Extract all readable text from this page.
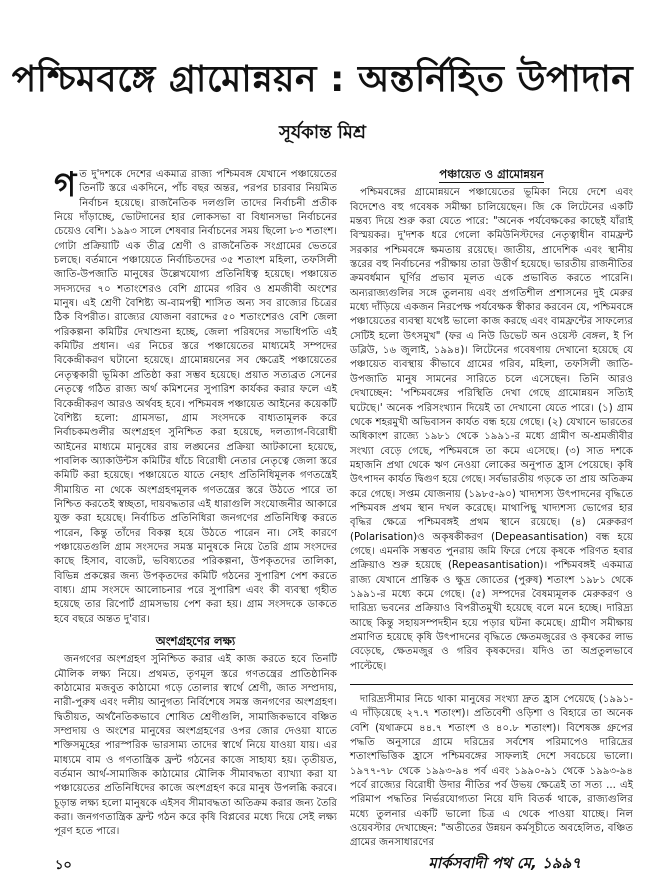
পশ্চিমবঙ্গে গ্রামোন্নয়ন : অন্তর্নিহিত উপাদান
সূর্যকান্ত মিশ্র

গত দু'দশকে দেশের একমাত্র রাজ্য পশ্চিমবঙ্গ যেখানে পঞ্চায়েতের তিনটি স্তরে একদিনে, পাঁচ বছর অন্তর, পরপর চারবার নিয়মিত নির্বাচন হয়েছে। রাজনৈতিক দলগুলি তাদের নির্বাচনী প্রতীক নিয়ে দাঁড়াচ্ছে, ভোটদানের হার লোকসভা বা বিধানসভা নির্বাচনের চেয়েও বেশি। ১৯৯৩ সালে শেষবার নির্বাচনের সময় ছিলো ৮৩ শতাংশ। গোটা প্রক্রিয়াটি এক তীব্র শ্রেণী ও রাজনৈতিক সংগ্রামের ভেতরে চলছে। বর্তমানে পঞ্চায়েতে নির্বাচিতদের ৩৫ শতাংশ মহিলা, তফসিলী জাতি-উপজাতি মানুষের উল্লেখযোগ্য প্রতিনিধিত্ব হয়েছে। পঞ্চায়েত সদস্যদের ৭০ শতাংশেরও বেশি গ্রামের গরিব ও শ্রমজীবী অংশের মানুষ। এই শ্রেণী বৈশিষ্ট্য অ-বামপন্থী শাসিত অন্য সব রাজ্যের চিত্রের ঠিক বিপরীত। রাজ্যের যোজনা বরাদ্দের ৫০ শতাংশেরও বেশি জেলা পরিকল্পনা কমিটির দেখাশুনা হচ্ছে, জেলা পরিষদের সভাধিপতি এই কমিটির প্রধান। এর নিচের স্তরে পঞ্চায়েতের মাধ্যমেই সম্পদের বিকেন্দ্রীকরণ ঘটানো হয়েছে। গ্রামোন্নয়নের সব ক্ষেত্রেই পঞ্চায়েতের নেতৃত্বকারী ভূমিকা প্রতিষ্ঠা করা সম্ভব হয়েছে। প্রয়াত সত্যব্রত সেনের নেতৃত্বে গঠিত রাজ্য অর্থ কমিশনের সুপারিশ কার্যকর করার ফলে এই বিকেন্দ্রীকরণ আরও অর্থবহ হবে। পশ্চিমবঙ্গ পঞ্চায়েত আইনের কয়েকটি বৈশিষ্ট্য হলো: গ্রামসভা, গ্রাম সংসদকে বাধ্যতামূলক করে নির্বাচকমণ্ডলীর অংশগ্রহণ সুনিশ্চিত করা হয়েছে, দলত্যাগ-বিরোধী আইনের মাধ্যমে মানুষের রায় লঙ্ঘনের প্রক্রিয়া আটকানো হয়েছে, পাবলিক অ্যাকাউন্টস কমিটির ধাঁচে বিরোধী নেতার নেতৃত্বে জেলা স্তরে কমিটি করা হয়েছে। পঞ্চায়েতে যাতে নেহাৎ প্রতিনিধিমূলক গণতন্ত্রেই সীমায়িত না থেকে অংশগ্রহণমূলক গণতন্ত্রের স্তরে উঠতে পারে তা নিশ্চিত করতেই স্বচ্ছতা, দায়বদ্ধতার এই ধারাগুলি সংযোজনীর আকারে যুক্ত করা হয়েছে। নির্বাচিত প্রতিনিধিরা জনগণের প্রতিনিধিত্ব করতে পারেন, কিন্তু তাঁদের বিকল্প হয়ে উঠতে পারেন না। সেই কারণে পঞ্চায়েতগুলি গ্রাম সংসদের সমস্ত মানুষকে নিয়ে তৈরি গ্রাম সংসদের কাছে হিসাব, বাজেট, ভবিষ্যতের পরিকল্পনা, উপকৃতদের তালিকা, বিভিন্ন প্রকল্পের জন্য উপকৃতদের কমিটি গঠনের সুপারিশ পেশ করতে বাধ্য। গ্রাম সংসদে আলোচনার পরে সুপারিশ এবং কী ব্যবস্থা গৃহীত হয়েছে তার রিপোর্ট গ্রামসভায় পেশ করা হয়। গ্রাম সংসদকে ডাকতে হবে বছরে অন্তত দু'বার।

অংশগ্রহণের লক্ষ্য

জনগণের অংশগ্রহণ সুনিশ্চিত করার এই কাজ করতে হবে তিনটি মৌলিক লক্ষ্য নিয়ে। প্রথমত, তৃণমূল স্তরে গণতন্ত্রের প্রাতিষ্ঠানিক কাঠামোর মজবুত কাঠামো গড়ে তোলার স্বার্থে শ্রেণী, জাত সম্প্রদায়, নারী-পুরুষ এবং দলীয় আনুগত্য নির্বিশেষে সমস্ত জনগণের অংশগ্রহণ। দ্বিতীয়ত, অর্থনৈতিকভাবে শোষিত শ্রেণীগুলি, সামাজিকভাবে বঞ্চিত সম্প্রদায় ও অংশের মানুষের অংশগ্রহণের ওপর জোর দেওয়া যাতে শক্তিসমূহের পারস্পরিক ভারসাম্য তাদের স্বার্থে নিয়ে যাওয়া যায়। এর মাধ্যমে বাম ও গণতান্ত্রিক ফ্রন্ট গঠনের কাজে সাহায্য হয়। তৃতীয়ত, বর্তমান আর্থ-সামাজিক কাঠামোর মৌলিক সীমাবদ্ধতা ব্যাখ্যা করা যা পঞ্চায়েতের প্রতিনিধিদের কাজে অংশগ্রহণ করে মানুষ উপলব্ধি করবে। চূড়ান্ত লক্ষ্য হলো মানুষকে এইসব সীমাবদ্ধতা অতিক্রম করার জন্য তৈরি করা। জনগণতান্ত্রিক ফ্রন্ট গঠন করে কৃষি বিপ্লবের মধ্যে দিয়ে সেই লক্ষ্য পূরণ হতে পারে।

পঞ্চায়েত ও গ্রামোন্নয়ন

পশ্চিমবঙ্গের গ্রামোন্নয়নে পঞ্চায়েতের ভূমিকা নিয়ে দেশে এবং বিদেশেও বহু গবেষক সমীক্ষা চালিয়েছেন। জি কে লিটেনের একটি মন্তব্য দিয়ে শুরু করা যেতে পারে: "অনেক পর্যবেক্ষকের কাছেই যাঁরাই বিস্ময়কর। দু'দশক ধরে গেলো কমিউনিস্টদের নেতৃত্বাধীন বামফ্রন্ট সরকার পশ্চিমবঙ্গে ক্ষমতায় রয়েছে। জাতীয়, প্রাদেশিক এবং স্থানীয় স্তরের বহু নির্বাচনের পরীক্ষায় তারা উত্তীর্ণ হয়েছে। ভারতীয় রাজনীতির ক্রমবর্ধমান ঘূর্ণির প্রভাব মূলত একে প্রভাবিত করতে পারেনি। অন্যরাজ্যগুলির সঙ্গে তুলনায় এবং প্রগতিশীল প্রশাসনের দুই মেরুর মধ্যে দাঁড়িয়ে একজন নিরপেক্ষ পর্যবেক্ষক স্বীকার করবেন যে, পশ্চিমবঙ্গে পঞ্চায়েতের ব্যবস্থা যথেষ্ট ভালো কাজ করছে এবং বামফ্রন্টের সাফল্যের সেটিই হলো উৎসমুখ" (ফর এ নিউ ডিভেট অন ওয়েস্ট বেঙ্গল, ই পি ডব্লিউ, ১৬ জুলাই, ১৯৯৪)। লিটেনের গবেষণায় দেখানো হয়েছে যে পঞ্চায়েত ব্যবস্থায় কীভাবে গ্রামের গরিব, মহিলা, তফসিলী জাতি-উপজাতি মানুষ সামনের সারিতে চলে এসেছেন। তিনি আরও দেখাচ্ছেন: 'পশ্চিমবঙ্গের পরিস্থিতি দেখা গেছে গ্রামোন্নয়ন সত্যিই ঘটেছে।' অনেক পরিসংখ্যান দিয়েই তা দেখানো যেতে পারে। (১) গ্রাম থেকে শহরমুখী অভিবাসন কার্যত বন্ধ হয়ে গেছে। (২) যেখানে ভারতের অধিকাংশ রাজ্যে ১৯৮১ থেকে ১৯৯১-র মধ্যে গ্রামীণ অ-শ্রমজীবীর সংখ্যা বেড়ে গেছে, পশ্চিমবঙ্গে তা কমে এসেছে। (৩) সাত দশকে মহাজনি প্রথা থেকে ঋণ নেওয়া লোকের অনুপাত হ্রাস পেয়েছে। কৃষি উৎপাদন কার্যত দ্বিগুণ হয়ে গেছে। সর্বভারতীয় গড়কে তা প্রায় অতিক্রম করে গেছে। সপ্তম যোজনায় (১৯৮৫-৯০) খাদ্যশস্য উৎপাদনের বৃদ্ধিতে পশ্চিমবঙ্গ প্রথম স্থান দখল করেছে। মাথাপিছু খাদ্যশস্য ভোগের হার বৃদ্ধির ক্ষেত্রে পশ্চিমবঙ্গই প্রথম স্থানে রয়েছে। (৪) মেরুকরণ (Polarisation)ও অকৃষকীকরণ (Depeasantisation) বন্ধ হয়ে গেছে। এমনকি সম্ভবত পুনরায় জমি ফিরে পেয়ে কৃষকে পরিণত হবার প্রক্রিয়াও শুরু হয়েছে (Repeasantisation)। পশ্চিমবঙ্গই একমাত্র রাজ্য যেখানে প্রান্তিক ও ক্ষুদ্র জোতের (পুরুষ) শতাংশ ১৯৮১ থেকে ১৯৯১-র মধ্যে কমে গেছে। (৫) সম্পদের বৈষম্যমূলক মেরুকরণ ও দারিদ্র্য ভবনের প্রক্রিয়াও বিপরীতমুখী হয়েছে বলে মনে হচ্ছে। দারিদ্র্য আছে কিন্তু সহায়সম্পদহীন হয়ে পড়ার ঘটনা কমেছে। গ্রামীণ সমীক্ষায় প্রমাণিত হয়েছে কৃষি উৎপাদনের বৃদ্ধিতে ক্ষেতমজুরের ও কৃষকের লাভ বেড়েছে, ক্ষেতমজুর ও গরিব কৃষকদের। যদিও তা অপ্রতুলভাবে পাল্টেছে।

দারিদ্র্যসীমার নিচে থাকা মানুষের সংখ্যা দ্রুত হ্রাস পেয়েছে (১৯৯১-এ দাঁড়িয়েছে ২৭.৭ শতাংশ)। প্রতিবেশী ওড়িশা ও বিহারে তা অনেক বেশি (যথাক্রমে ৪৪.৭ শতাংশ ও ৪০.৮ শতাংশ)। বিশেষজ্ঞ গ্রুপের পদ্ধতি অনুসারে গ্রামে দরিদ্রের সর্বশেষ পরিমাপেও দারিদ্রের শতাংশভিত্তিক হ্রাসে পশ্চিমবঙ্গের সাফল্যই দেশে সবচেয়ে ভালো। ১৯৭৭-৭৮ থেকে ১৯৯৩-৯৪ পর্ব এবং ১৯৯০-৯১ থেকে ১৯৯৩-৯৪ পর্বে রাজ্যের বিরোধী উদার নীতির পর্ব উভয় ক্ষেত্রেই তা সত্য ... এই পরিমাপ পদ্ধতির নির্ভরযোগ্যতা নিয়ে যদি বিতর্ক থাকে, রাজ্যগুলির মধ্যে তুলনার একটি ভালো চিত্র এ থেকে পাওয়া যাচ্ছে। নিল ওয়েবস্টার দেখাচ্ছেন: "অতীতের উন্নয়ন কর্মসূচীতে অবহেলিত, বঞ্চিত গ্রামের জনসাধারণের

১০	মার্কসবাদী পথ মে, ১৯৯৭
